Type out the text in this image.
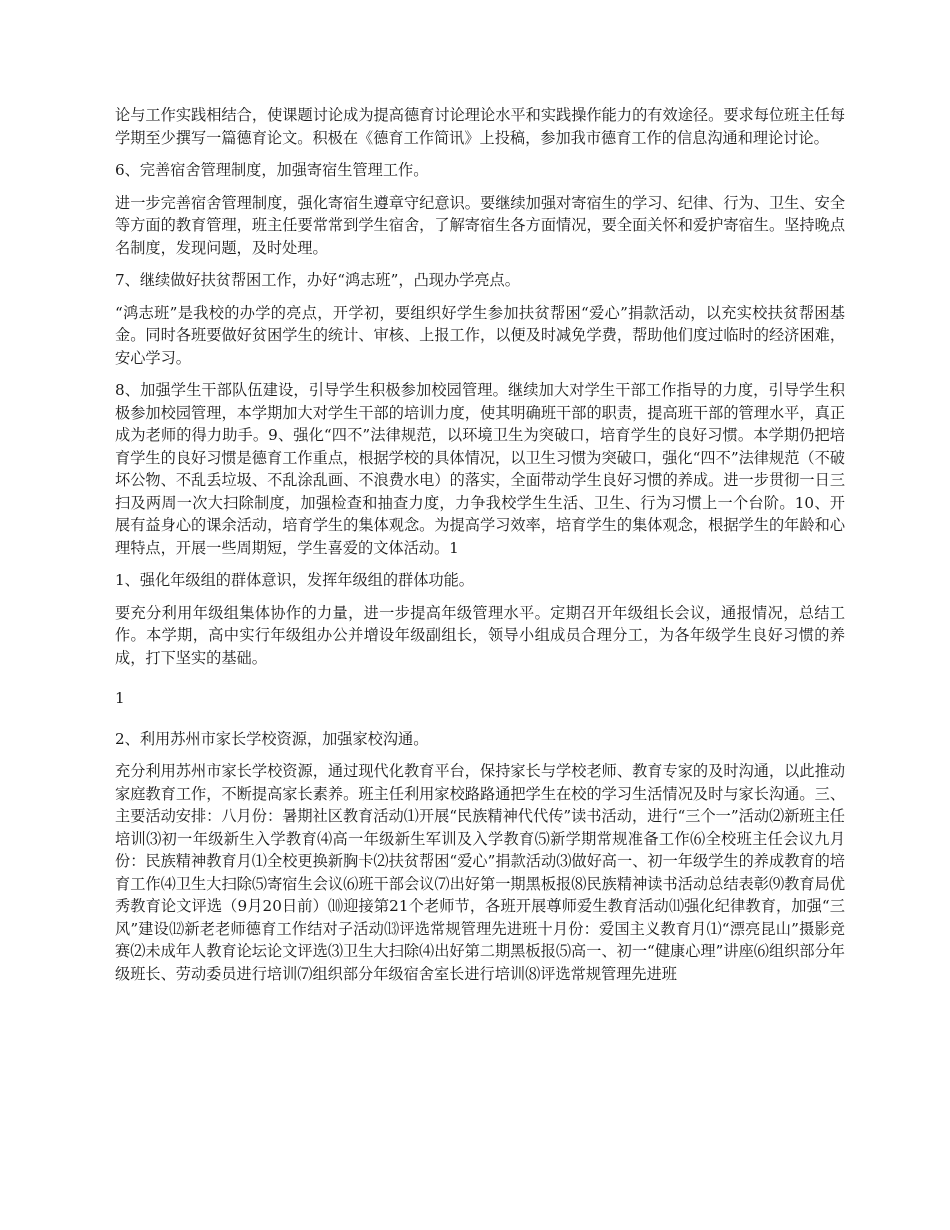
论与工作实践相结合，使课题讨论成为提高德育讨论理论水平和实践操作能力的有效途径。要求每位班主任每学期至少撰写一篇德育论文。积极在《德育工作简讯》上投稿，参加我市德育工作的信息沟通和理论讨论。

6、完善宿舍管理制度，加强寄宿生管理工作。

进一步完善宿舍管理制度，强化寄宿生遵章守纪意识。要继续加强对寄宿生的学习、纪律、行为、卫生、安全等方面的教育管理，班主任要常常到学生宿舍，了解寄宿生各方面情况，要全面关怀和爱护寄宿生。坚持晚点名制度，发现问题，及时处理。

7、继续做好扶贫帮困工作，办好“鸿志班”，凸现办学亮点。

“鸿志班”是我校的办学的亮点，开学初，要组织好学生参加扶贫帮困“爱心”捐款活动，以充实校扶贫帮困基金。同时各班要做好贫困学生的统计、审核、上报工作，以便及时减免学费，帮助他们度过临时的经济困难，安心学习。

8、加强学生干部队伍建设，引导学生积极参加校园管理。继续加大对学生干部工作指导的力度，引导学生积极参加校园管理，本学期加大对学生干部的培训力度，使其明确班干部的职责，提高班干部的管理水平，真正成为老师的得力助手。9、强化“四不”法律规范，以环境卫生为突破口，培育学生的良好习惯。本学期仍把培育学生的良好习惯是德育工作重点，根据学校的具体情况，以卫生习惯为突破口，强化“四不”法律规范（不破坏公物、不乱丢垃圾、不乱涂乱画、不浪费水电）的落实，全面带动学生良好习惯的养成。进一步贯彻一日三扫及两周一次大扫除制度，加强检查和抽查力度，力争我校学生生活、卫生、行为习惯上一个台阶。10、开展有益身心的课余活动，培育学生的集体观念。为提高学习效率，培育学生的集体观念，根据学生的年龄和心理特点，开展一些周期短，学生喜爱的文体活动。1

1、强化年级组的群体意识，发挥年级组的群体功能。

要充分利用年级组集体协作的力量，进一步提高年级管理水平。定期召开年级组长会议，通报情况，总结工作。本学期，高中实行年级组办公并增设年级副组长，领导小组成员合理分工，为各年级学生良好习惯的养成，打下坚实的基础。

1

2、利用苏州市家长学校资源，加强家校沟通。

充分利用苏州市家长学校资源，通过现代化教育平台，保持家长与学校老师、教育专家的及时沟通，以此推动家庭教育工作，不断提高家长素养。班主任利用家校路路通把学生在校的学习生活情况及时与家长沟通。三、主要活动安排：八月份：暑期社区教育活动⑴开展“民族精神代代传”读书活动，进行“三个一”活动⑵新班主任培训⑶初一年级新生入学教育⑷高一年级新生军训及入学教育⑸新学期常规准备工作⑹全校班主任会议九月份：民族精神教育月⑴全校更换新胸卡⑵扶贫帮困“爱心”捐款活动⑶做好高一、初一年级学生的养成教育的培育工作⑷卫生大扫除⑸寄宿生会议⑹班干部会议⑺出好第一期黑板报⑻民族精神读书活动总结表彰⑼教育局优秀教育论文评选（9月20日前）⑽迎接第21个老师节，各班开展尊师爱生教育活动⑾强化纪律教育，加强“三风”建设⑿新老老师德育工作结对子活动⒀评选常规管理先进班十月份：爱国主义教育月⑴“漂亮昆山”摄影竞赛⑵未成年人教育论坛论文评选⑶卫生大扫除⑷出好第二期黑板报⑸高一、初一“健康心理”讲座⑹组织部分年级班长、劳动委员进行培训⑺组织部分年级宿舍室长进行培训⑻评选常规管理先进班
